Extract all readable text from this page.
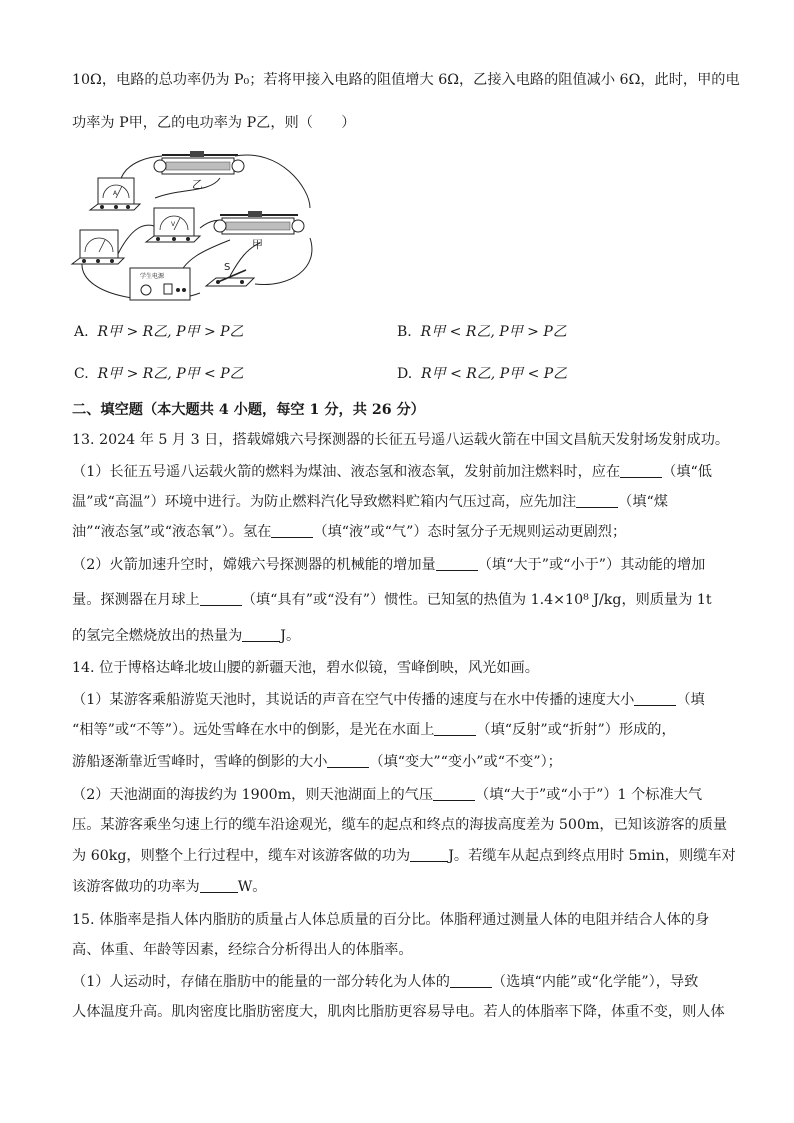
10Ω，电路的总功率仍为 P₀；若将甲接入电路的阻值增大 6Ω，乙接入电路的阻值减小 6Ω，此时，甲的电
功率为 P甲，乙的电功率为 P乙，则（　　）
乙
A
V
甲
学生电源
S
A. R甲 > R乙, P甲 > P乙	B. R甲 < R乙, P甲 > P乙
C. R甲 > R乙, P甲 < P乙	D. R甲 < R乙, P甲 < P乙
二、填空题（本大题共 4 小题，每空 1 分，共 26 分）
13. 2024 年 5 月 3 日，搭载嫦娥六号探测器的长征五号遥八运载火箭在中国文昌航天发射场发射成功。
（1）长征五号遥八运载火箭的燃料为煤油、液态氢和液态氧，发射前加注燃料时，应在	（填“低
温”或“高温”）环境中进行。为防止燃料汽化导致燃料贮箱内气压过高，应先加注	（填“煤
油”“液态氢”或“液态氧”）。氢在	（填“液”或“气”）态时氢分子无规则运动更剧烈；
（2）火箭加速升空时，嫦娥六号探测器的机械能的增加量	（填“大于”或“小于”）其动能的增加
量。探测器在月球上	（填“具有”或“没有”）惯性。已知氢的热值为 1.4×10⁸ J/kg，则质量为 1t
的氢完全燃烧放出的热量为	J。
14. 位于博格达峰北坡山腰的新疆天池，碧水似镜，雪峰倒映，风光如画。
（1）某游客乘船游览天池时，其说话的声音在空气中传播的速度与在水中传播的速度大小	（填
“相等”或“不等”）。远处雪峰在水中的倒影，是光在水面上	（填“反射”或“折射”）形成的，
游船逐渐靠近雪峰时，雪峰的倒影的大小	（填“变大”“变小”或“不变”）；
（2）天池湖面的海拔约为 1900m，则天池湖面上的气压	（填“大于”或“小于”）1 个标准大气
压。某游客乘坐匀速上行的缆车沿途观光，缆车的起点和终点的海拔高度差为 500m，已知该游客的质量
为 60kg，则整个上行过程中，缆车对该游客做的功为	J。若缆车从起点到终点用时 5min，则缆车对
该游客做功的功率为	W。
15. 体脂率是指人体内脂肪的质量占人体总质量的百分比。体脂秤通过测量人体的电阻并结合人体的身
高、体重、年龄等因素，经综合分析得出人的体脂率。
（1）人运动时，存储在脂肪中的能量的一部分转化为人体的	（选填“内能”或“化学能”），导致
人体温度升高。肌肉密度比脂肪密度大，肌肉比脂肪更容易导电。若人的体脂率下降，体重不变，则人体
